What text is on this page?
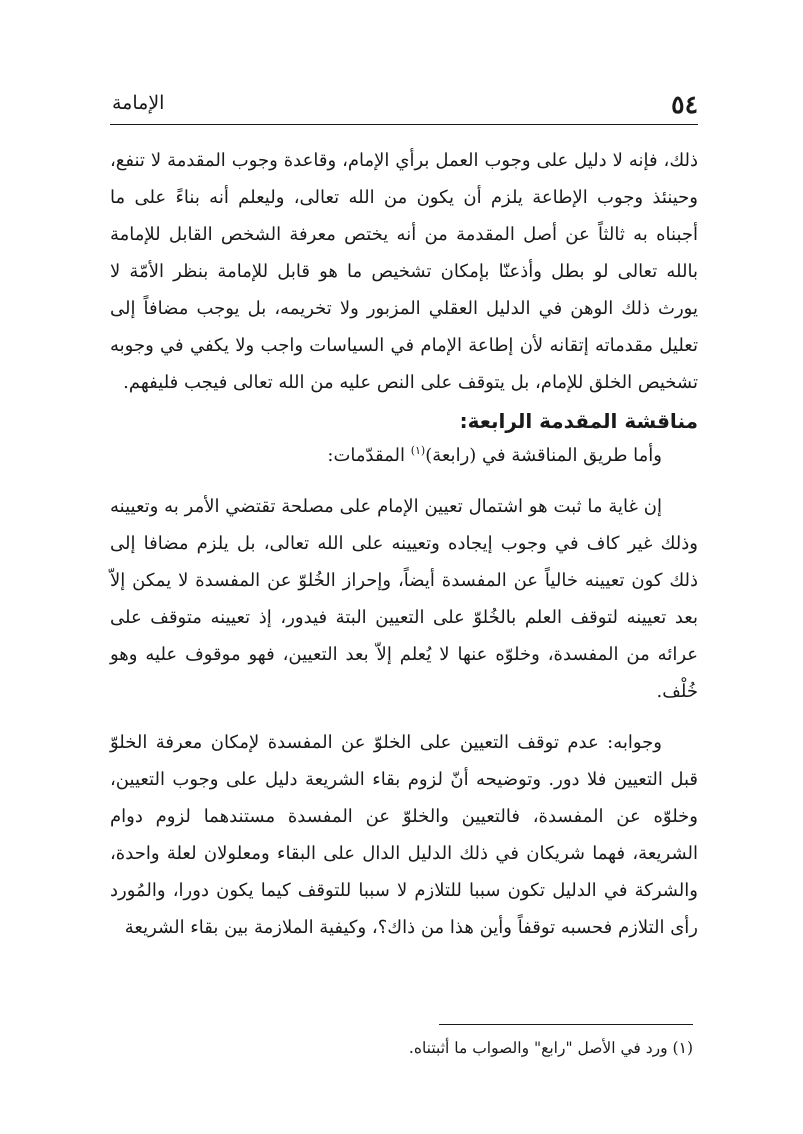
٥٤
الإمامة

ذلك، فإنه لا دليل على وجوب العمل برأي الإمام، وقاعدة وجوب المقدمة لا تنفع، وحينئذ وجوب الإطاعة يلزم أن يكون من الله تعالى، وليعلم أنه بناءً على ما أجبناه به ثالثاً عن أصل المقدمة من أنه يختص معرفة الشخص القابل للإمامة بالله تعالى لو بطل وأذعنّا بإمكان تشخيص ما هو قابل للإمامة بنظر الأمّة لا يورث ذلك الوهن في الدليل العقلي المزبور ولا تخريمه، بل يوجب مضافاً إلى تعليل مقدماته إتقانه لأن إطاعة الإمام في السياسات واجب ولا يكفي في وجوبه تشخيص الخلق للإمام، بل يتوقف على النص عليه من الله تعالى فيجب فليفهم.

مناقشة المقدمة الرابعة:

وأما طريق المناقشة في (رابعة)$^{(١)}$ المقدّمات:

إن غاية ما ثبت هو اشتمال تعيين الإمام على مصلحة تقتضي الأمر به وتعيينه وذلك غير كاف في وجوب إيجاده وتعيينه على الله تعالى، بل يلزم مضافا إلى ذلك كون تعيينه خالياً عن المفسدة أيضاً، وإحراز الخُلوّ عن المفسدة لا يمكن إلاّ بعد تعيينه لتوقف العلم بالخُلوّ على التعيين البتة فيدور، إذ تعيينه متوقف على عرائه من المفسدة، وخلوّه عنها لا يُعلم إلاّ بعد التعيين، فهو موقوف عليه وهو خُلْف.

وجوابه: عدم توقف التعيين على الخلوّ عن المفسدة لإمكان معرفة الخلوّ قبل التعيين فلا دور. وتوضيحه أنّ لزوم بقاء الشريعة دليل على وجوب التعيين، وخلوّه عن المفسدة، فالتعيين والخلوّ عن المفسدة مستندهما لزوم دوام الشريعة، فهما شريكان في ذلك الدليل الدال على البقاء ومعلولان لعلة واحدة، والشركة في الدليل تكون سببا للتلازم لا سببا للتوقف كيما يكون دورا، والمُورد رأى التلازم فحسبه توقفاً وأين هذا من ذاك؟، وكيفية الملازمة بين بقاء الشريعة

(١) ورد في الأصل "رابع" والصواب ما أثبتناه.
